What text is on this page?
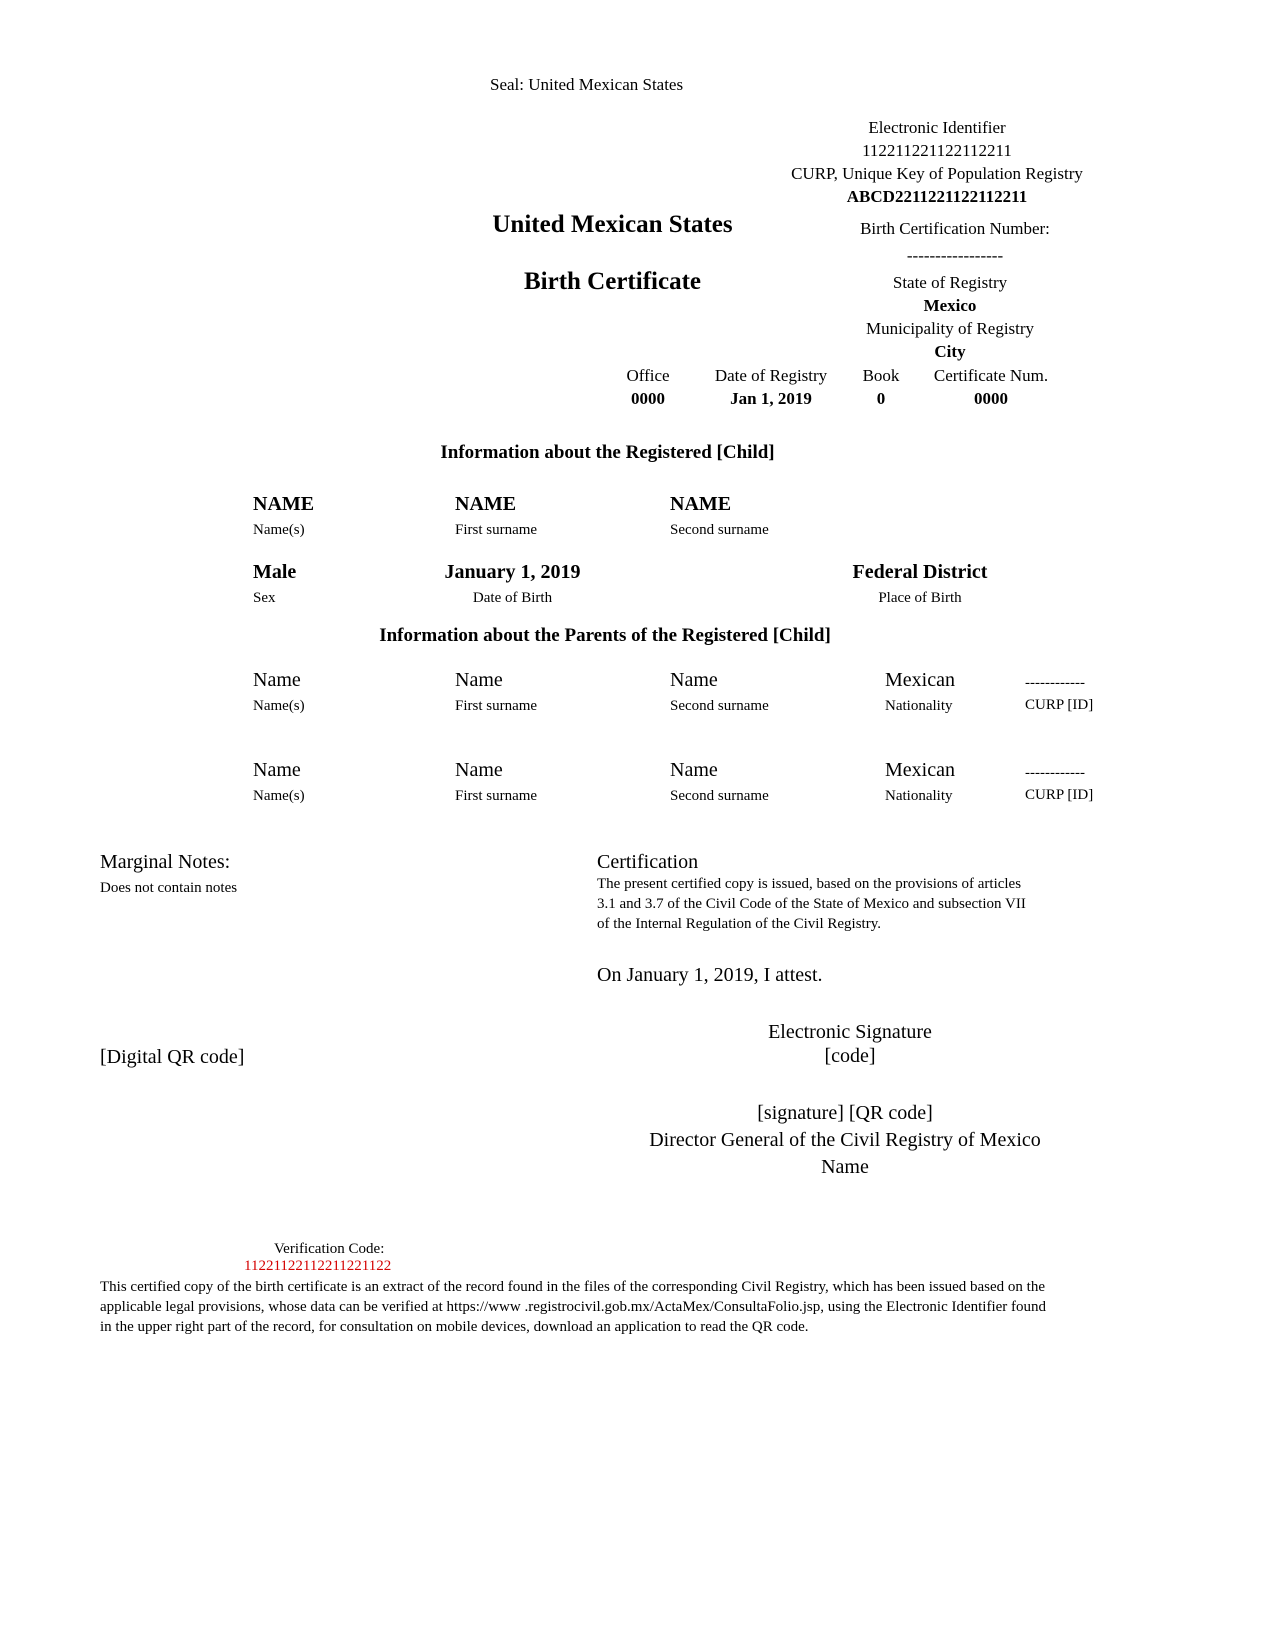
Seal: United Mexican States
Electronic Identifier
112211221122112211
CURP, Unique Key of Population Registry
ABCD2211221122112211
United Mexican States
Birth Certificate
Birth Certification Number:
-----------------
State of Registry
Mexico
Municipality of Registry
City
Office
0000
Date of Registry
Jan 1, 2019
Book
0
Certificate Num.
0000
Information about the Registered [Child]
NAME
Name(s)
NAME
First surname
NAME
Second surname
Male
Sex
January 1, 2019
Date of Birth
Federal District
Place of Birth
Information about the Parents of the Registered [Child]
Name
Name(s)
Name
First surname
Name
Second surname
Mexican
Nationality
------------
CURP [ID]
Name
Name(s)
Name
First surname
Name
Second surname
Mexican
Nationality
------------
CURP [ID]
Marginal Notes:
Does not contain notes
Certification
The present certified copy is issued, based on the provisions of articles
3.1 and 3.7 of the Civil Code of the State of Mexico and subsection VII
of the Internal Regulation of the Civil Registry.
On January 1, 2019, I attest.
Electronic Signature
[code]
[Digital QR code]
[signature] [QR code]
Director General of the Civil Registry of Mexico
Name
Verification Code:
11221122112211221122
This certified copy of the birth certificate is an extract of the record found in the files of the corresponding Civil Registry, which has been issued based on the
applicable legal provisions, whose data can be verified at https://www .registrocivil.gob.mx/ActaMex/ConsultaFolio.jsp, using the Electronic Identifier found
in the upper right part of the record, for consultation on mobile devices, download an application to read the QR code.
